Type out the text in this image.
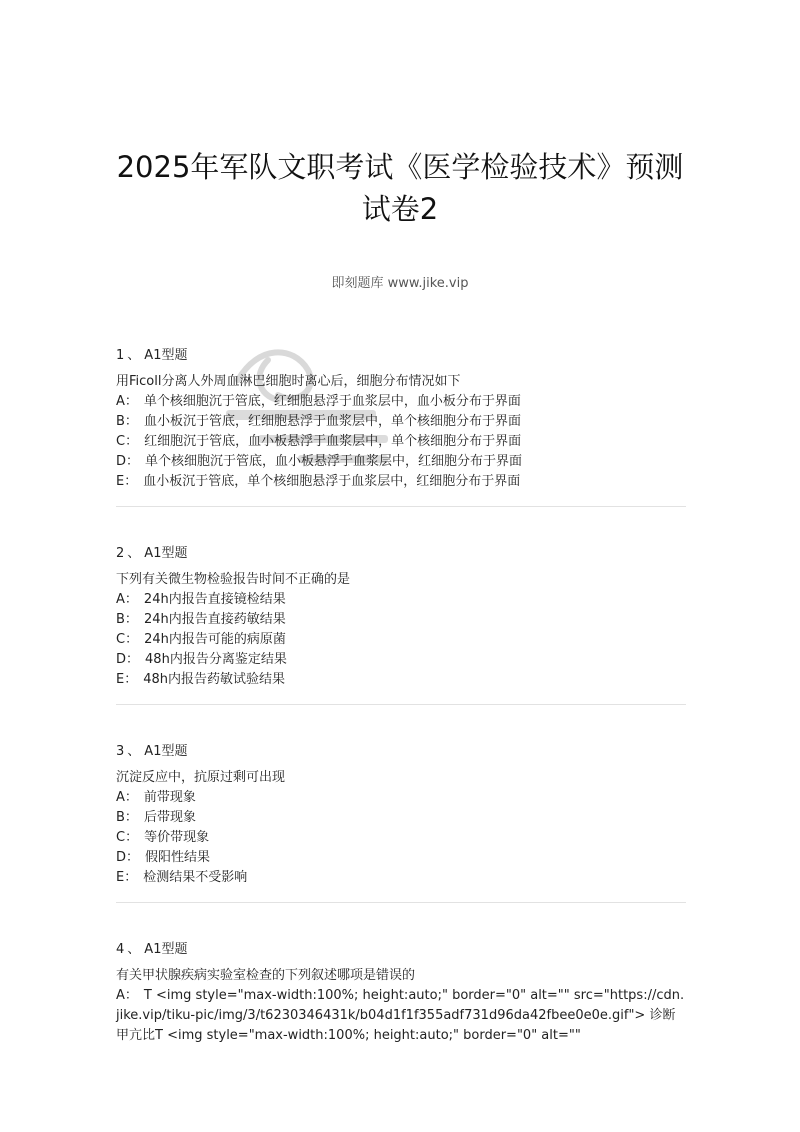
2025年军队文职考试《医学检验技术》预测试卷2
即刻题库 www.jike.vip
1 、 A1型题
用Ficoll分离人外周血淋巴细胞时离心后，细胞分布情况如下
A： 单个核细胞沉于管底，红细胞悬浮于血浆层中，血小板分布于界面
B： 血小板沉于管底，红细胞悬浮于血浆层中，单个核细胞分布于界面
C： 红细胞沉于管底，血小板悬浮于血浆层中，单个核细胞分布于界面
D： 单个核细胞沉于管底，血小板悬浮于血浆层中，红细胞分布于界面
E： 血小板沉于管底，单个核细胞悬浮于血浆层中，红细胞分布于界面
2 、 A1型题
下列有关微生物检验报告时间不正确的是
A： 24h内报告直接镜检结果
B： 24h内报告直接药敏结果
C： 24h内报告可能的病原菌
D： 48h内报告分离鉴定结果
E： 48h内报告药敏试验结果
3 、 A1型题
沉淀反应中，抗原过剩可出现
A： 前带现象
B： 后带现象
C： 等价带现象
D： 假阳性结果
E： 检测结果不受影响
4 、 A1型题
有关甲状腺疾病实验室检查的下列叙述哪项是错误的
A： T <img style="max-width:100%; height:auto;" border="0" alt="" src="https://cdn.jike.vip/tiku-pic/img/3/t6230346431k/b04d1f1f355adf731d96da42fbee0e0e.gif"> 诊断甲亢比T <img style="max-width:100%; height:auto;" border="0" alt=""
